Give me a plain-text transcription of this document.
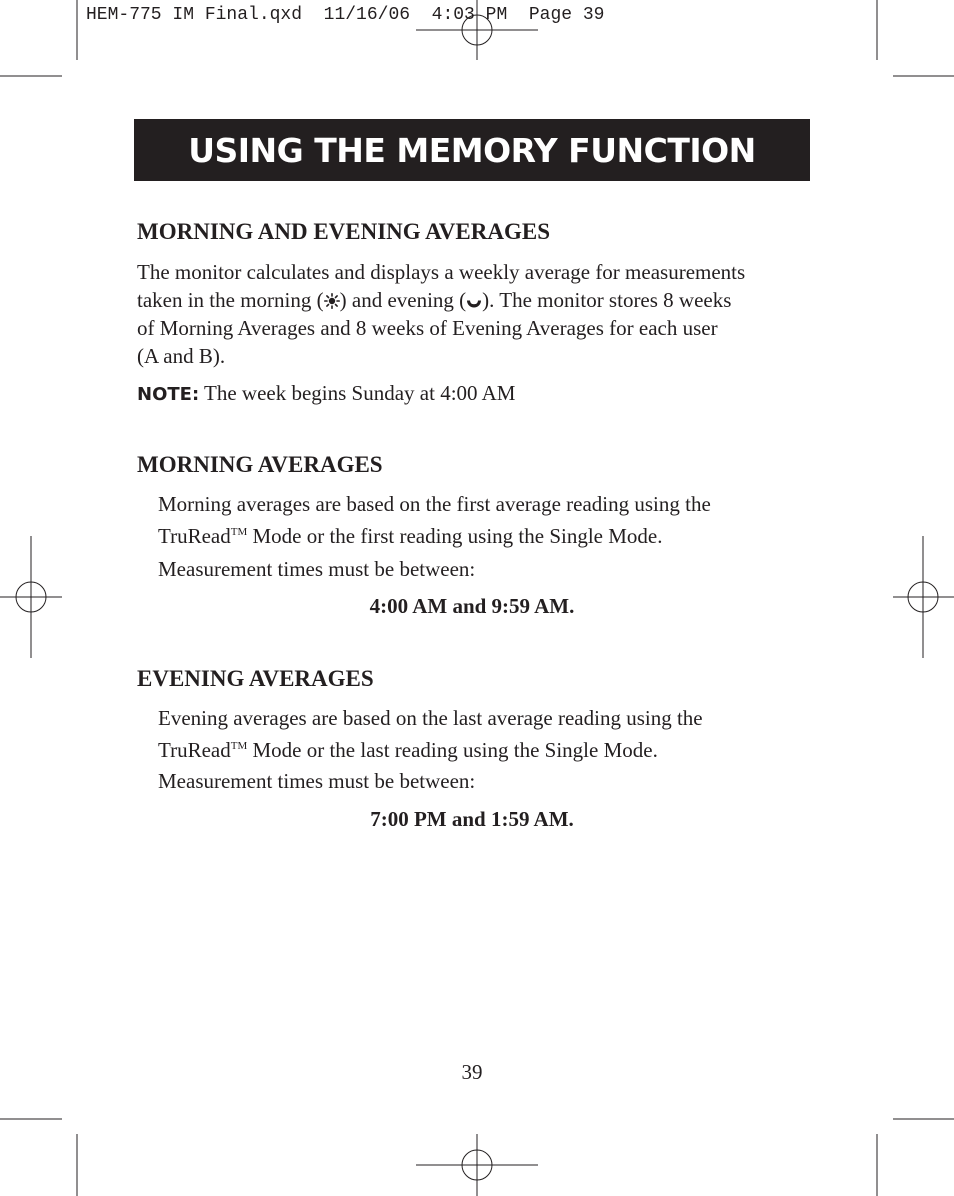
HEM-775 IM Final.qxd  11/16/06  4:03 PM  Page 39
USING THE MEMORY FUNCTION
MORNING AND EVENING AVERAGES

The monitor calculates and displays a weekly average for measurements

taken in the morning ( ) and evening ( ). The monitor stores 8 weeks

of Morning Averages and 8 weeks of Evening Averages for each user

(A and B).

NOTE: The week begins Sunday at 4:00 AM

MORNING AVERAGES

Morning averages are based on the first average reading using the

TruRead™ Mode or the first reading using the Single Mode.

Measurement times must be between:

4:00 AM and 9:59 AM.

EVENING AVERAGES

Evening averages are based on the last average reading using the

TruRead™ Mode or the last reading using the Single Mode.

Measurement times must be between:

7:00 PM and 1:59 AM.

39
